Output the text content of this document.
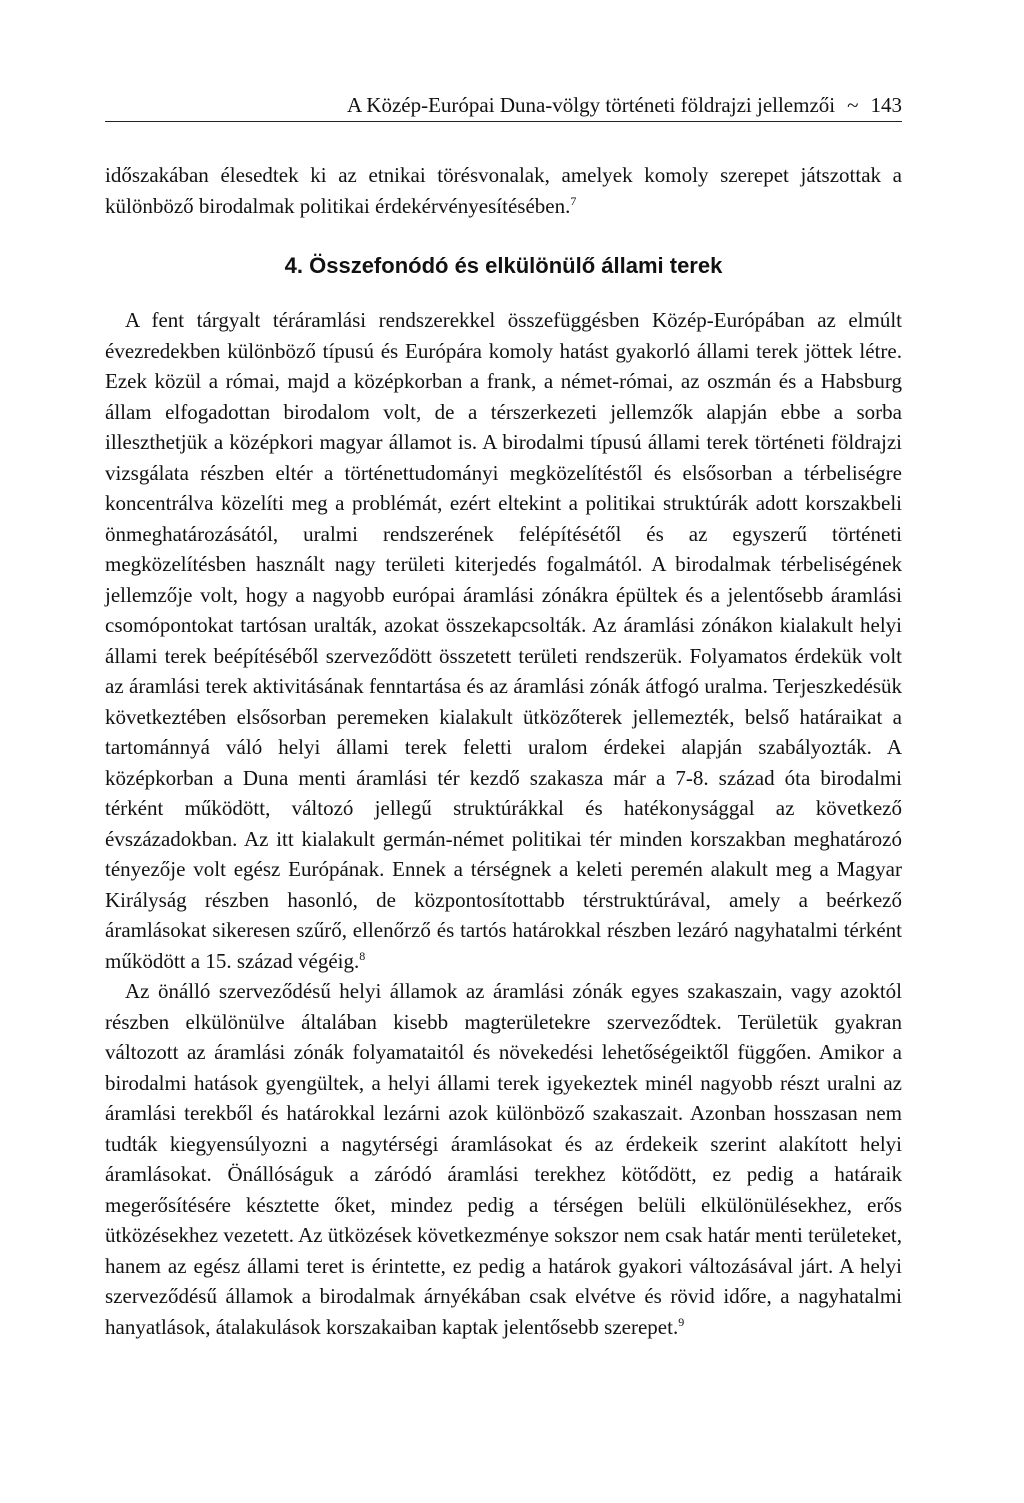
A Közép-Európai Duna-völgy történeti földrajzi jellemzői ~ 143

időszakában élesedtek ki az etnikai törésvonalak, amelyek komoly szerepet játszottak a különböző birodalmak politikai érdekérvényesítésében.$^7$

4. Összefonódó és elkülönülő állami terek

A fent tárgyalt téráramlási rendszerekkel összefüggésben Közép-Európában az elmúlt évezredekben különböző típusú és Európára komoly hatást gyakorló állami terek jöttek létre. Ezek közül a római, majd a középkorban a frank, a német-római, az oszmán és a Habsburg állam elfogadottan birodalom volt, de a térszerkezeti jellemzők alapján ebbe a sorba illeszthetjük a középkori magyar államot is. A birodalmi típusú állami terek történeti földrajzi vizsgálata részben eltér a történettudományi megközelítéstől és elsősorban a térbeliségre koncentrálva közelíti meg a problémát, ezért eltekint a politikai struktúrák adott korszakbeli önmeghatározásától, uralmi rendszerének felépítésétől és az egyszerű történeti megközelítésben használt nagy területi kiterjedés fogalmától. A birodalmak térbeliségének jellemzője volt, hogy a nagyobb európai áramlási zónákra épültek és a jelentősebb áramlási csomópontokat tartósan uralták, azokat összekapcsolták. Az áramlási zónákon kialakult helyi állami terek beépítéséből szerveződött összetett területi rendszerük. Folyamatos érdekük volt az áramlási terek aktivitásának fenntartása és az áramlási zónák átfogó uralma. Terjeszkedésük következtében elsősorban peremeken kialakult ütközőterek jellemezték, belső határaikat a tartománnyá váló helyi állami terek feletti uralom érdekei alapján szabályozták. A középkorban a Duna menti áramlási tér kezdő szakasza már a 7-8. század óta birodalmi térként működött, változó jellegű struktúrákkal és hatékonysággal az következő évszázadokban. Az itt kialakult germán-német politikai tér minden korszakban meghatározó tényezője volt egész Európának. Ennek a térségnek a keleti peremén alakult meg a Magyar Királyság részben hasonló, de központosítottabb térstruktúrával, amely a beérkező áramlásokat sikeresen szűrő, ellenőrző és tartós határokkal részben lezáró nagyhatalmi térként működött a 15. század végéig.$^8$

Az önálló szerveződésű helyi államok az áramlási zónák egyes szakaszain, vagy azoktól részben elkülönülve általában kisebb magterületekre szerveződtek. Területük gyakran változott az áramlási zónák folyamataitól és növekedési lehetőségeiktől függően. Amikor a birodalmi hatások gyengültek, a helyi állami terek igyekeztek minél nagyobb részt uralni az áramlási terekből és határokkal lezárni azok különböző szakaszait. Azonban hosszasan nem tudták kiegyensúlyozni a nagytérségi áramlásokat és az érdekeik szerint alakított helyi áramlásokat. Önállóságuk a záródó áramlási terekhez kötődött, ez pedig a határaik megerősítésére késztette őket, mindez pedig a térségen belüli elkülönülésekhez, erős ütközésekhez vezetett. Az ütközések következménye sokszor nem csak határ menti területeket, hanem az egész állami teret is érintette, ez pedig a határok gyakori változásával járt. A helyi szerveződésű államok a birodalmak árnyékában csak elvétve és rövid időre, a nagyhatalmi hanyatlások, átalakulások korszakaiban kaptak jelentősebb szerepet.$^9$
